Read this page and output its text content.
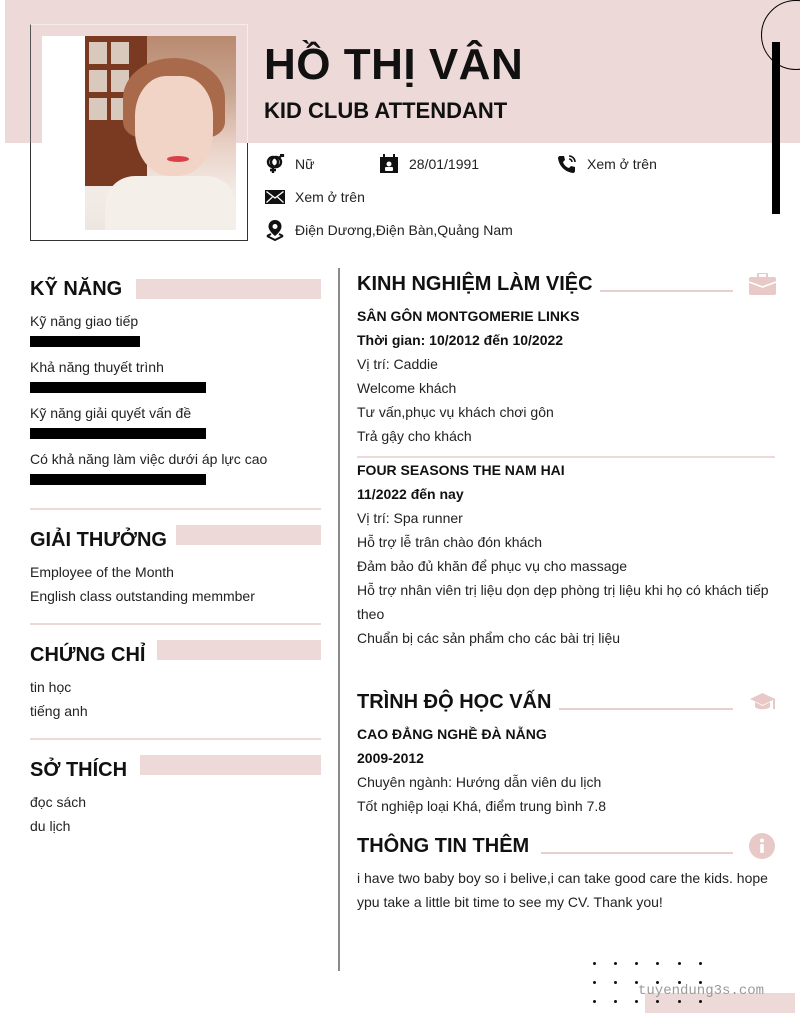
HỒ THỊ VÂN
KID CLUB ATTENDANT
Nữ	28/01/1991	Xem ở trên
Xem ở trên
Điện Dương,Điện Bàn,Quảng Nam
KỸ NĂNG
Kỹ năng giao tiếp
Khả năng thuyết trình
Kỹ năng giải quyết vấn đề
Có khả năng làm việc dưới áp lực cao
GIẢI THƯỞNG
Employee of the Month
English class outstanding memmber
CHỨNG CHỈ
tin học
tiếng anh
SỞ THÍCH
đọc sách
du lịch
KINH NGHIỆM LÀM VIỆC
SÂN GÔN MONTGOMERIE LINKS
Thời gian: 10/2012 đến 10/2022
Vị trí: Caddie
Welcome khách
Tư vấn,phục vụ khách chơi gôn
Trả gậy cho khách
FOUR SEASONS THE NAM HAI
11/2022 đến nay
Vị trí: Spa runner
Hỗ trợ lễ trân chào đón khách
Đảm bảo đủ khăn để phục vụ cho massage
Hỗ trợ nhân viên trị liệu dọn dẹp phòng trị liệu khi họ có khách tiếp theo
Chuẩn bị các sản phẩm cho các bài trị liệu
TRÌNH ĐỘ HỌC VẤN
CAO ĐẲNG NGHỀ ĐÀ NẴNG
2009-2012
Chuyên ngành: Hướng dẫn viên du lịch
Tốt nghiệp loại Khá, điểm trung bình 7.8
THÔNG TIN THÊM
i have two baby boy so i belive,i can take good care the kids. hope ypu take a little bit time to see my CV. Thank you!
tuyendung3s.com
